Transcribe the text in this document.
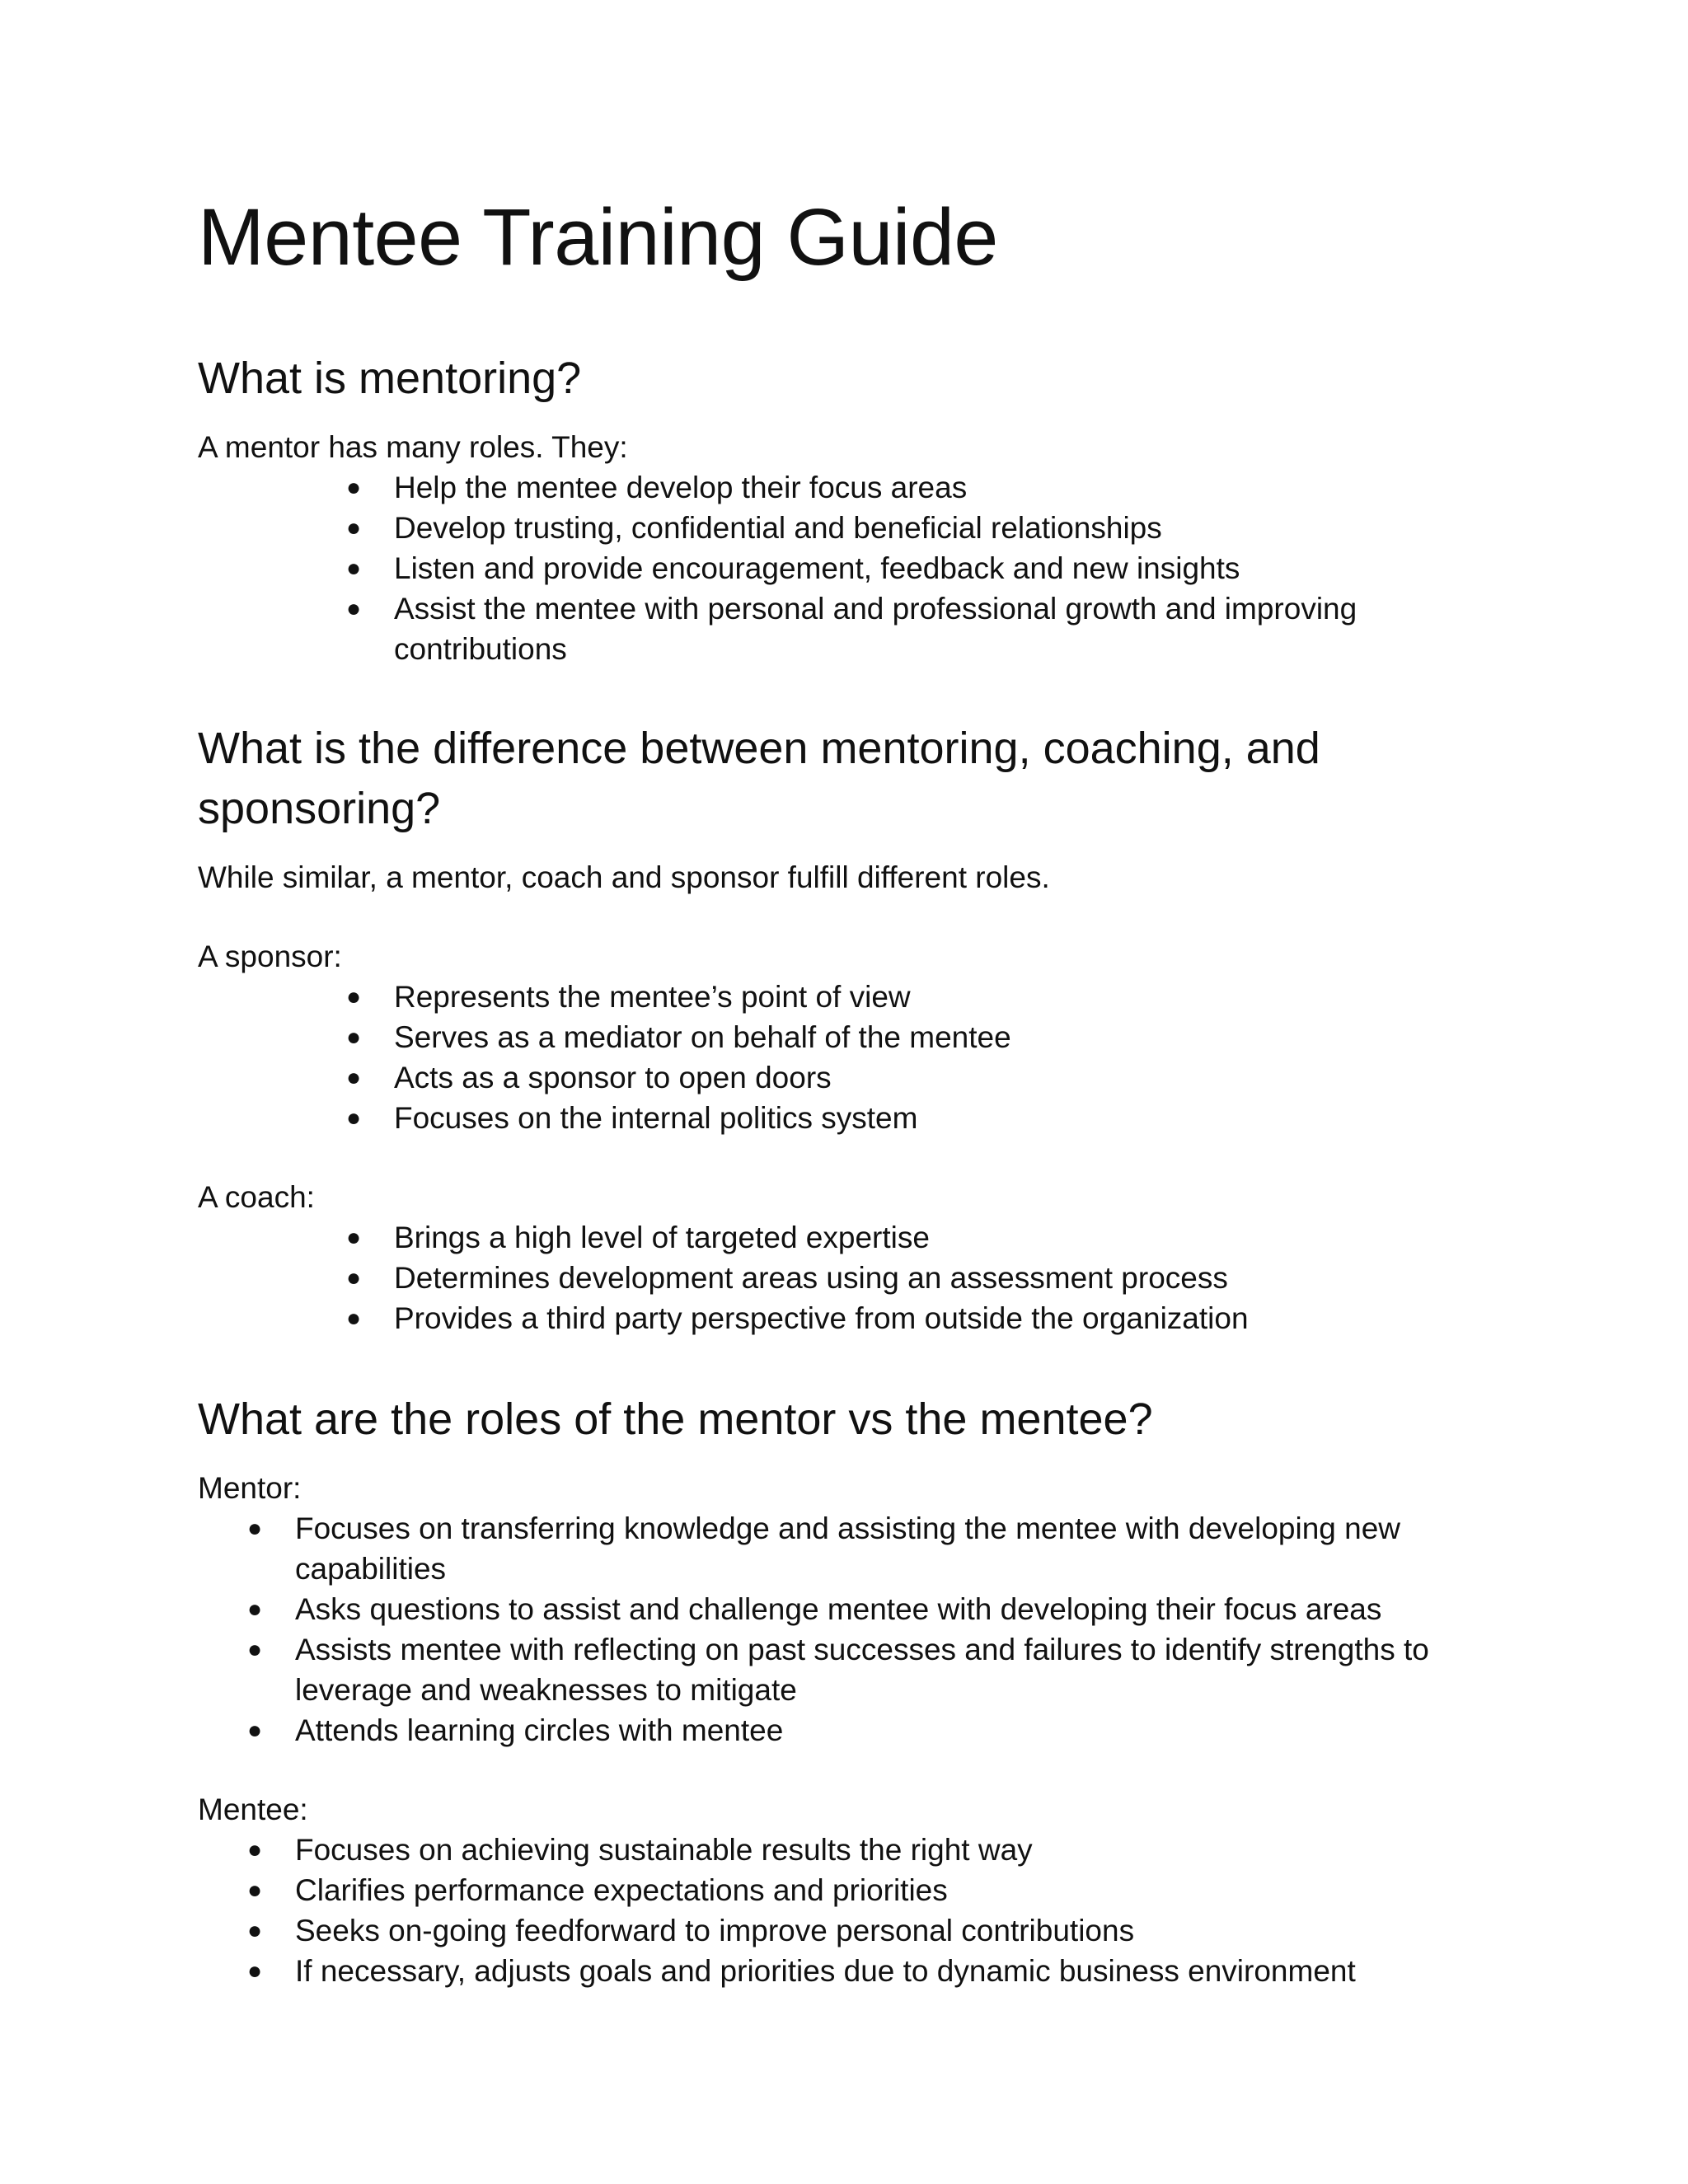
Mentee Training Guide
What is mentoring?

A mentor has many roles. They:

● Help the mentee develop their focus areas
● Develop trusting, confidential and beneficial relationships
● Listen and provide encouragement, feedback and new insights
● Assist the mentee with personal and professional growth and improving contributions
What is the difference between mentoring, coaching, and sponsoring?

While similar, a mentor, coach and sponsor fulfill different roles.

A sponsor:

● Represents the mentee’s point of view
● Serves as a mediator on behalf of the mentee
● Acts as a sponsor to open doors
● Focuses on the internal politics system

A coach:

● Brings a high level of targeted expertise
● Determines development areas using an assessment process
● Provides a third party perspective from outside the organization
What are the roles of the mentor vs the mentee?

Mentor:

● Focuses on transferring knowledge and assisting the mentee with developing new capabilities
● Asks questions to assist and challenge mentee with developing their focus areas
● Assists mentee with reflecting on past successes and failures to identify strengths to leverage and weaknesses to mitigate
● Attends learning circles with mentee

Mentee:

● Focuses on achieving sustainable results the right way
● Clarifies performance expectations and priorities
● Seeks on-going feedforward to improve personal contributions
● If necessary, adjusts goals and priorities due to dynamic business environment
